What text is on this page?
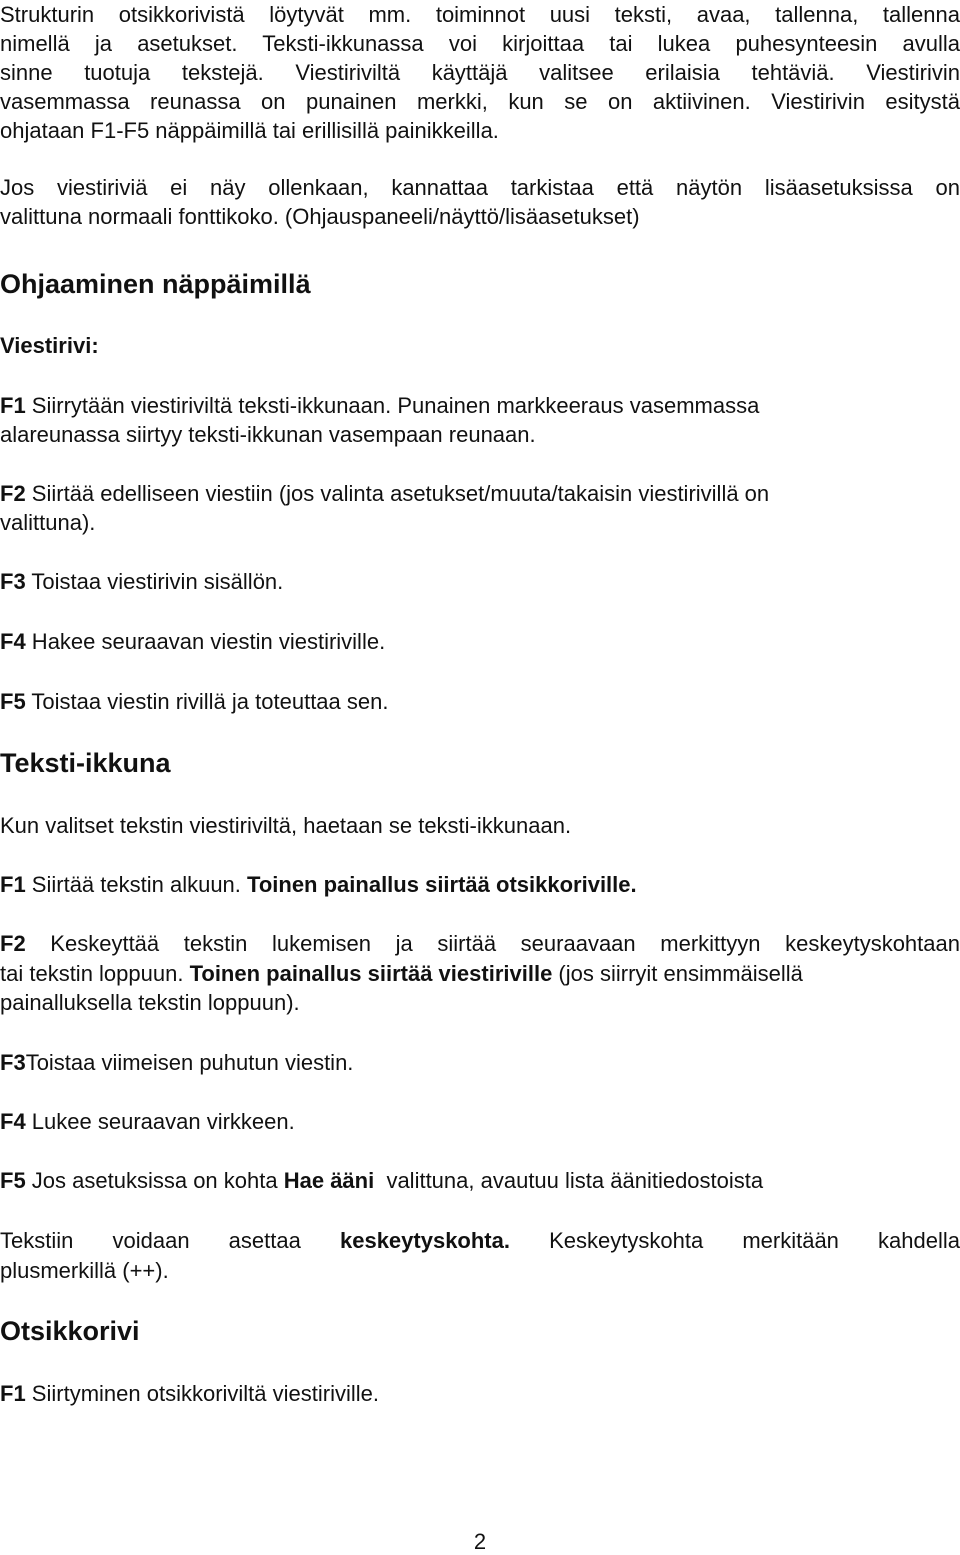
Strukturin otsikkorivistä löytyvät mm. toiminnot uusi teksti, avaa, tallenna, tallenna

nimellä ja asetukset. Teksti-ikkunassa voi kirjoittaa tai lukea puhesynteesin avulla

sinne tuotuja tekstejä. Viestiriviltä käyttäjä valitsee erilaisia tehtäviä. Viestirivin

vasemmassa reunassa on punainen merkki, kun se on aktiivinen. Viestirivin esitystä

ohjataan F1-F5 näppäimillä tai erillisillä painikkeilla.

Jos viestiriviä ei näy ollenkaan, kannattaa tarkistaa että näytön lisäasetuksissa on

valittuna normaali fonttikoko. (Ohjauspaneeli/näyttö/lisäasetukset)

Ohjaaminen näppäimillä
Viestirivi:

F1 Siirrytään viestiriviltä teksti-ikkunaan. Punainen markkeeraus vasemmassa

alareunassa siirtyy teksti-ikkunan vasempaan reunaan.

F2 Siirtää edelliseen viestiin (jos valinta asetukset/muuta/takaisin viestirivillä on

valittuna).

F3 Toistaa viestirivin sisällön.

F4 Hakee seuraavan viestin viestiriville.

F5 Toistaa viestin rivillä ja toteuttaa sen.

Teksti-ikkuna

Kun valitset tekstin viestiriviltä, haetaan se teksti-ikkunaan.

F1 Siirtää tekstin alkuun. Toinen painallus siirtää otsikkoriville.

F2 Keskeyttää tekstin lukemisen ja siirtää seuraavaan merkittyyn keskeytyskohtaan

tai tekstin loppuun. Toinen painallus siirtää viestiriville (jos siirryit ensimmäisellä

painalluksella tekstin loppuun).

F3Toistaa viimeisen puhutun viestin.

F4 Lukee seuraavan virkkeen.

F5 Jos asetuksissa on kohta Hae ääni  valittuna, avautuu lista äänitiedostoista

Tekstiin voidaan asettaa keskeytyskohta. Keskeytyskohta merkitään kahdella

plusmerkillä (++).

Otsikkorivi

F1 Siirtyminen otsikkoriviltä viestiriville.

2
